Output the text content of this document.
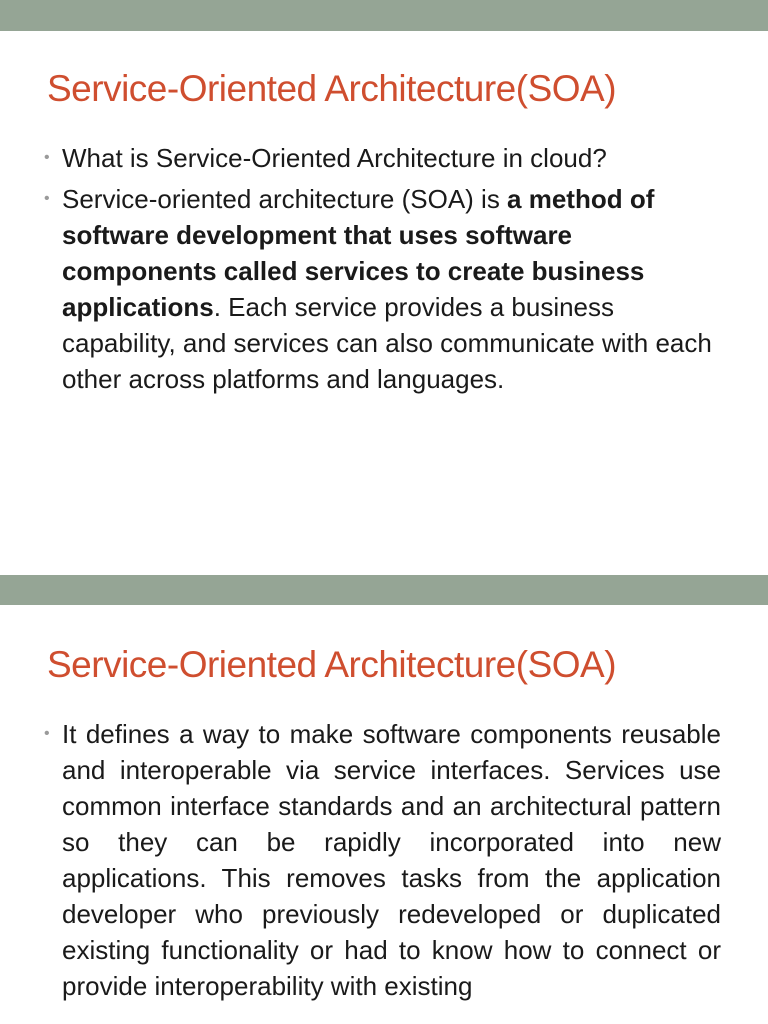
Service-Oriented Architecture(SOA)
• What is Service-Oriented Architecture in cloud?
• Service-oriented architecture (SOA) is a method of software development that uses software components called services to create business applications. Each service provides a business capability, and services can also communicate with each other across platforms and languages.
Service-Oriented Architecture(SOA)
• It defines a way to make software components reusable and interoperable via service interfaces. Services use common interface standards and an architectural pattern so they can be rapidly incorporated into new applications. This removes tasks from the application developer who previously redeveloped or duplicated existing functionality or had to know how to connect or provide interoperability with existing
